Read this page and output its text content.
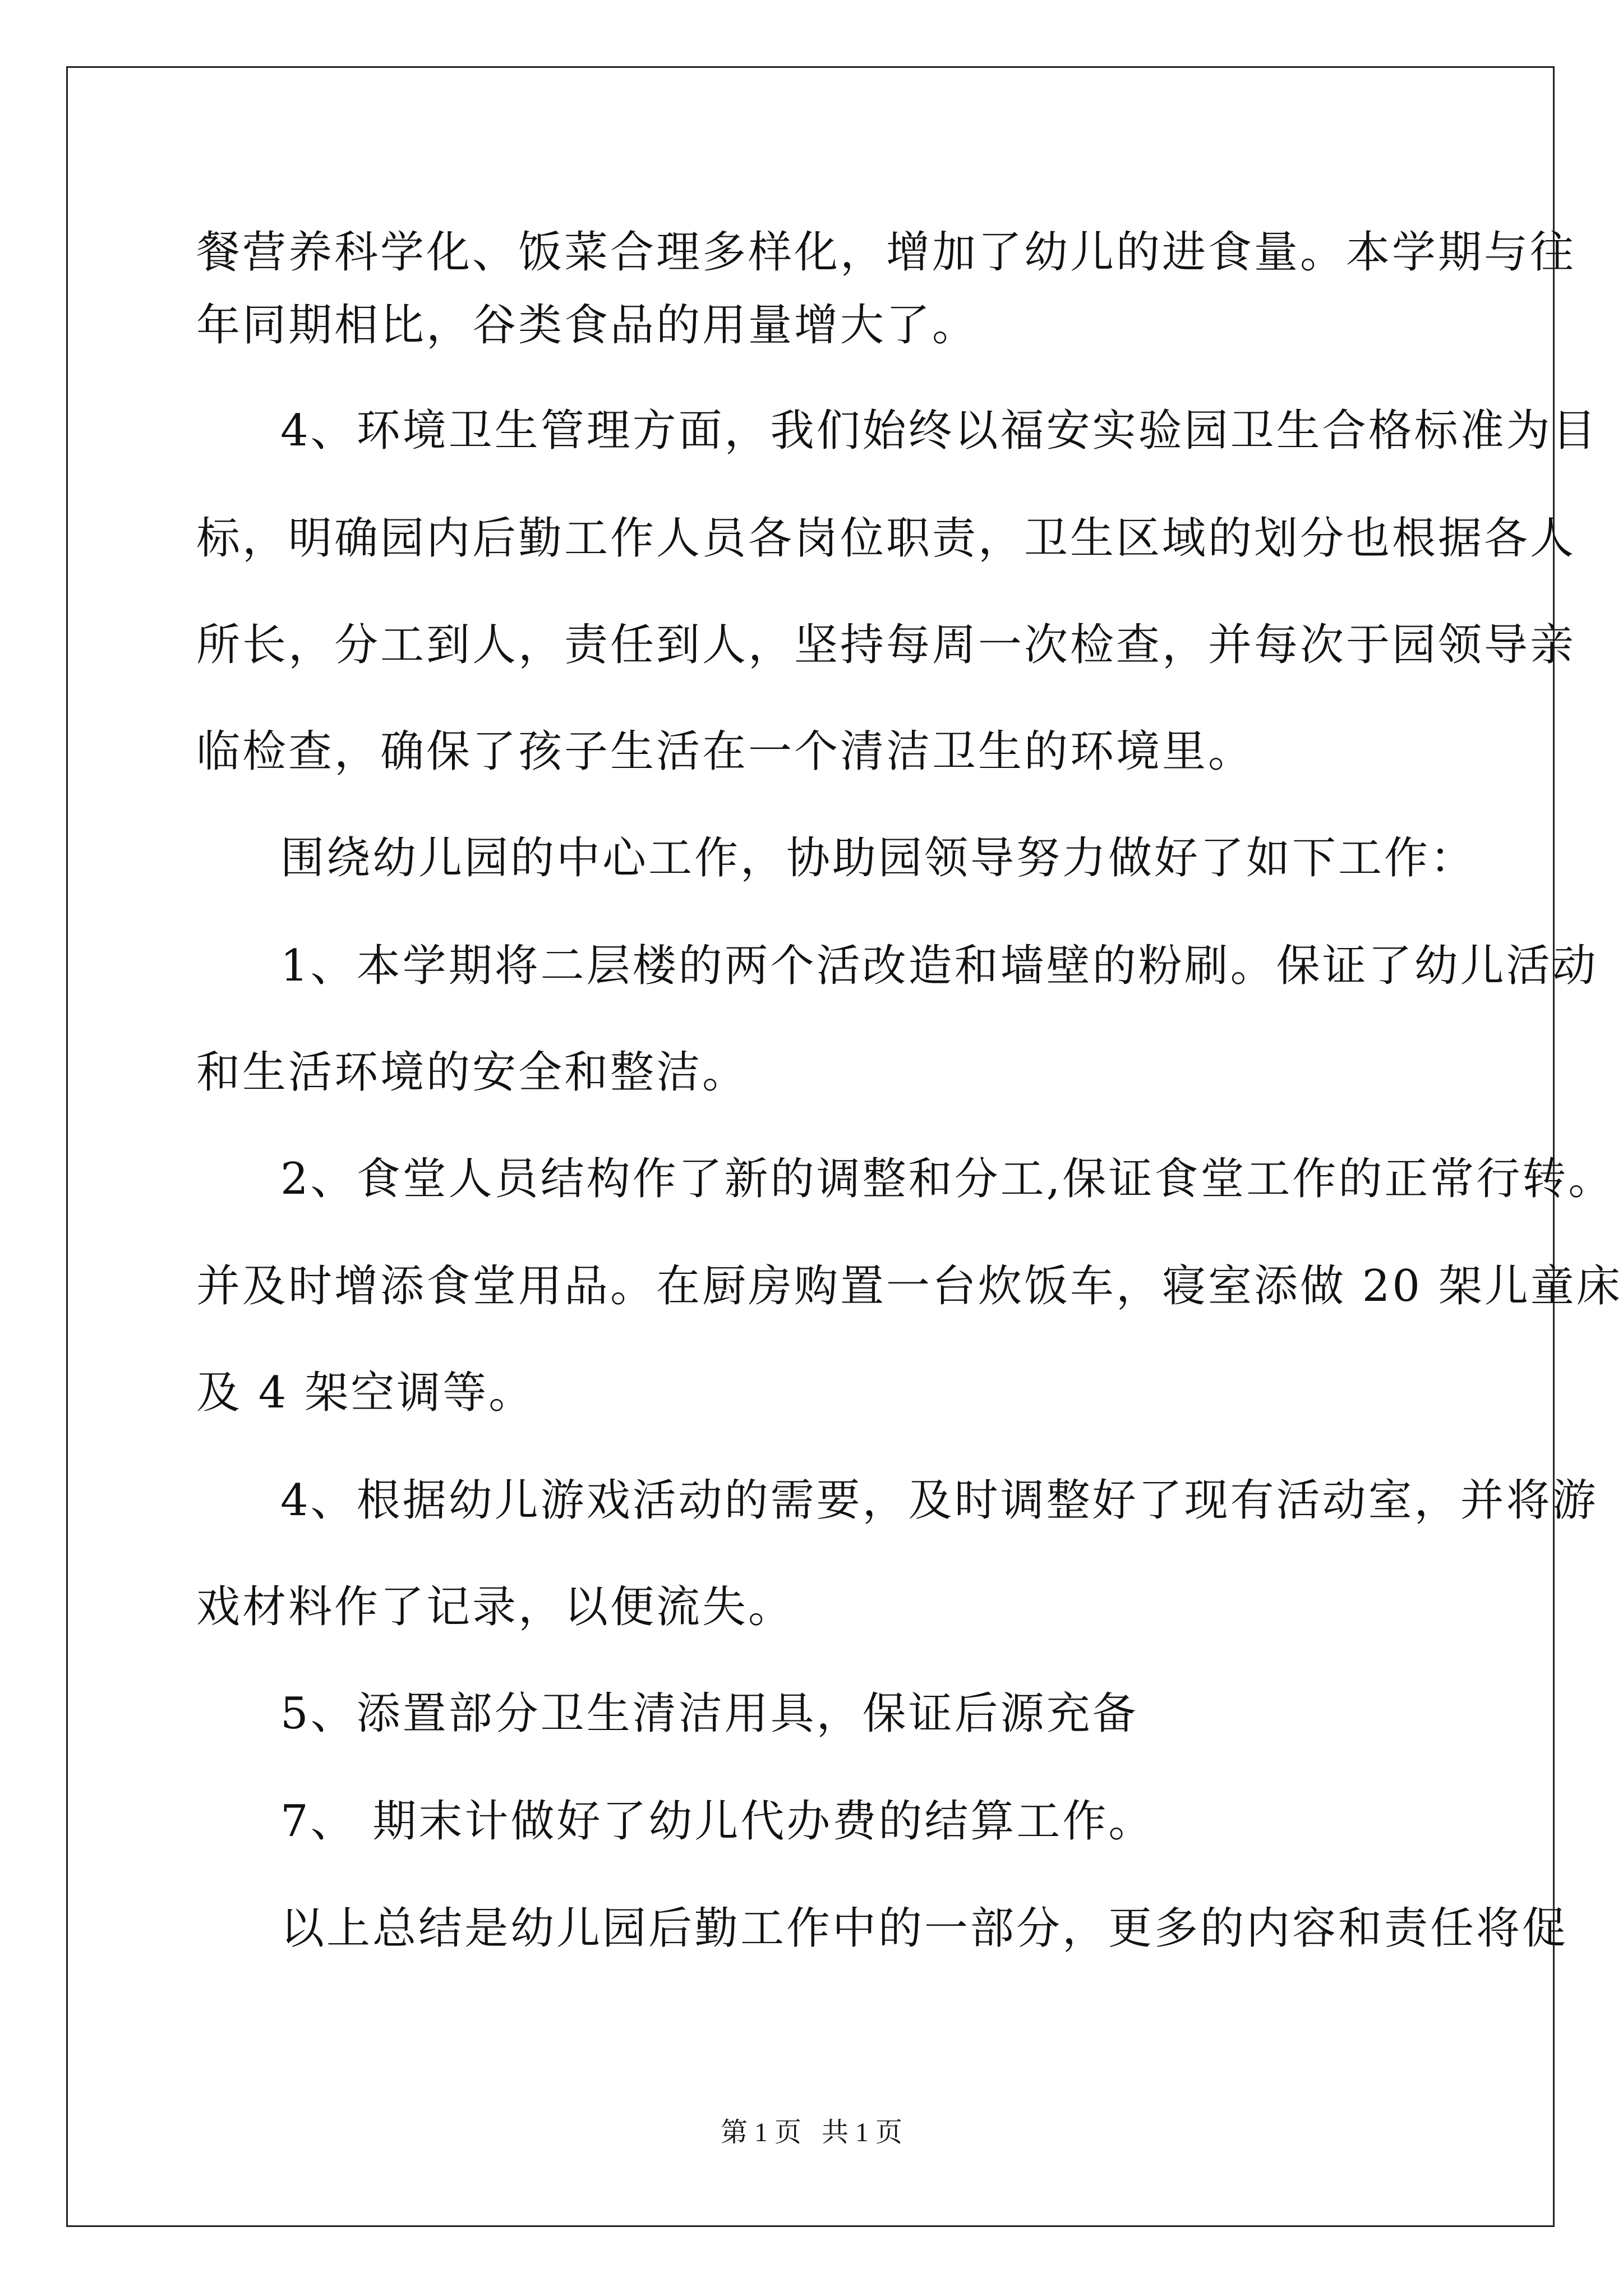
餐营养科学化、饭菜合理多样化，增加了幼儿的进食量。本学期与往
年同期相比，谷类食品的用量增大了。
4、环境卫生管理方面，我们始终以福安实验园卫生合格标准为目
标，明确园内后勤工作人员各岗位职责，卫生区域的划分也根据各人
所长，分工到人，责任到人，坚持每周一次检查，并每次于园领导亲
临检查，确保了孩子生活在一个清洁卫生的环境里。
围绕幼儿园的中心工作，协助园领导努力做好了如下工作：
1、本学期将二层楼的两个活改造和墙壁的粉刷。保证了幼儿活动
和生活环境的安全和整洁。
2、食堂人员结构作了新的调整和分工,保证食堂工作的正常行转。
并及时增添食堂用品。在厨房购置一台炊饭车，寝室添做 20 架儿童床
及 4 架空调等。
4、根据幼儿游戏活动的需要，及时调整好了现有活动室，并将游
戏材料作了记录，以便流失。
5、添置部分卫生清洁用具，保证后源充备
7、 期末计做好了幼儿代办费的结算工作。
以上总结是幼儿园后勤工作中的一部分，更多的内容和责任将促
第 1 页   共 1 页
